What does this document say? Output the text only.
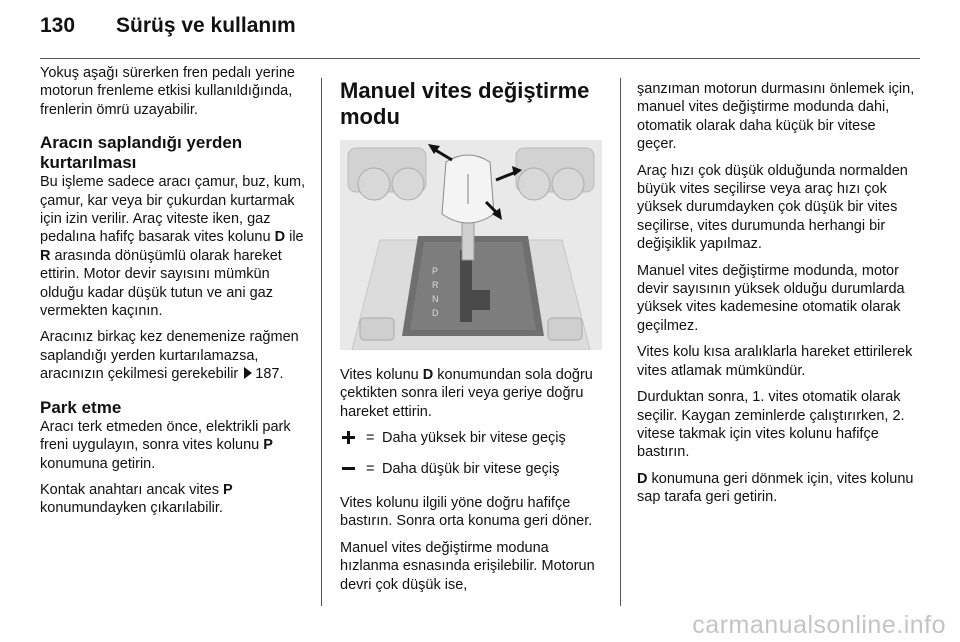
130 Sürüş ve kullanım

Yokuş aşağı sürerken fren pedalı yerine motorun frenleme etkisi kullanıldığında, frenlerin ömrü uzayabilir.

Aracın saplandığı yerden kurtarılması

Bu işleme sadece aracı çamur, buz, kum, çamur, kar veya bir çukurdan kurtarmak için izin verilir. Araç viteste iken, gaz pedalına hafifç basarak vites kolunu D ile R arasında dönüşümlü olarak hareket ettirin. Motor devir sayısını mümkün olduğu kadar düşük tutun ve ani gaz vermekten kaçının.

Aracınız birkaç kez denemenize rağmen saplandığı yerden kurtarılamazsa, aracınızın çekilmesi gerekebilir 187.

Park etme

Aracı terk etmeden önce, elektrikli park freni uygulayın, sonra vites kolunu P konumuna getirin.

Kontak anahtarı ancak vites P konumundayken çıkarılabilir.

Manuel vites değiştirme modu
P
R
N
D

Vites kolunu D konumundan sola doğru çektikten sonra ileri veya geriye doğru hareket ettirin.

= Daha yüksek bir vitese geçiş
= Daha düşük bir vitese geçiş

Vites kolunu ilgili yöne doğru hafifçe bastırın. Sonra orta konuma geri döner.

Manuel vites değiştirme moduna hızlanma esnasında erişilebilir. Motorun devri çok düşük ise,

şanzıman motorun durmasını önlemek için, manuel vites değiştirme modunda dahi, otomatik olarak daha küçük bir vitese geçer.

Araç hızı çok düşük olduğunda normalden büyük vites seçilirse veya araç hızı çok yüksek durumdayken çok düşük bir vites seçilirse, vites durumunda herhangi bir değişiklik yapılmaz.

Manuel vites değiştirme modunda, motor devir sayısının yüksek olduğu durumlarda yüksek vites kademesine otomatik olarak geçilmez.

Vites kolu kısa aralıklarla hareket ettirilerek vites atlamak mümkündür.

Durduktan sonra, 1. vites otomatik olarak seçilir. Kaygan zeminlerde çalıştırırken, 2. vitese takmak için vites kolunu hafifçe bastırın.

D konumuna geri dönmek için, vites kolunu sap tarafa geri getirin.

carmanualsonline.info
